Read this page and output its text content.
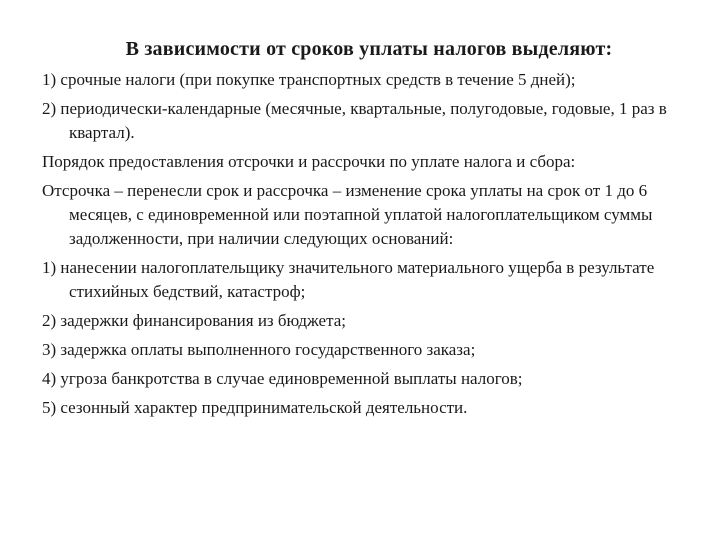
В зависимости от сроков уплаты налогов выделяют:

1) срочные налоги (при покупке транспортных средств в течение 5 дней);

2) периодически-календарные (месячные, квартальные, полугодовые, годовые, 1 раз в квартал).

Порядок предоставления отсрочки и рассрочки по уплате налога и сбора:

Отсрочка – перенесли срок и рассрочка – изменение срока уплаты на срок от 1 до 6 месяцев, с единовременной или поэтапной уплатой налогоплательщиком суммы задолженности, при наличии следующих оснований:

1) нанесении налогоплательщику значительного материального ущерба в результате стихийных бедствий, катастроф;

2) задержки финансирования из бюджета;

3) задержка оплаты выполненного государственного заказа;

4) угроза банкротства в случае единовременной выплаты налогов;

5) сезонный характер предпринимательской деятельности.
